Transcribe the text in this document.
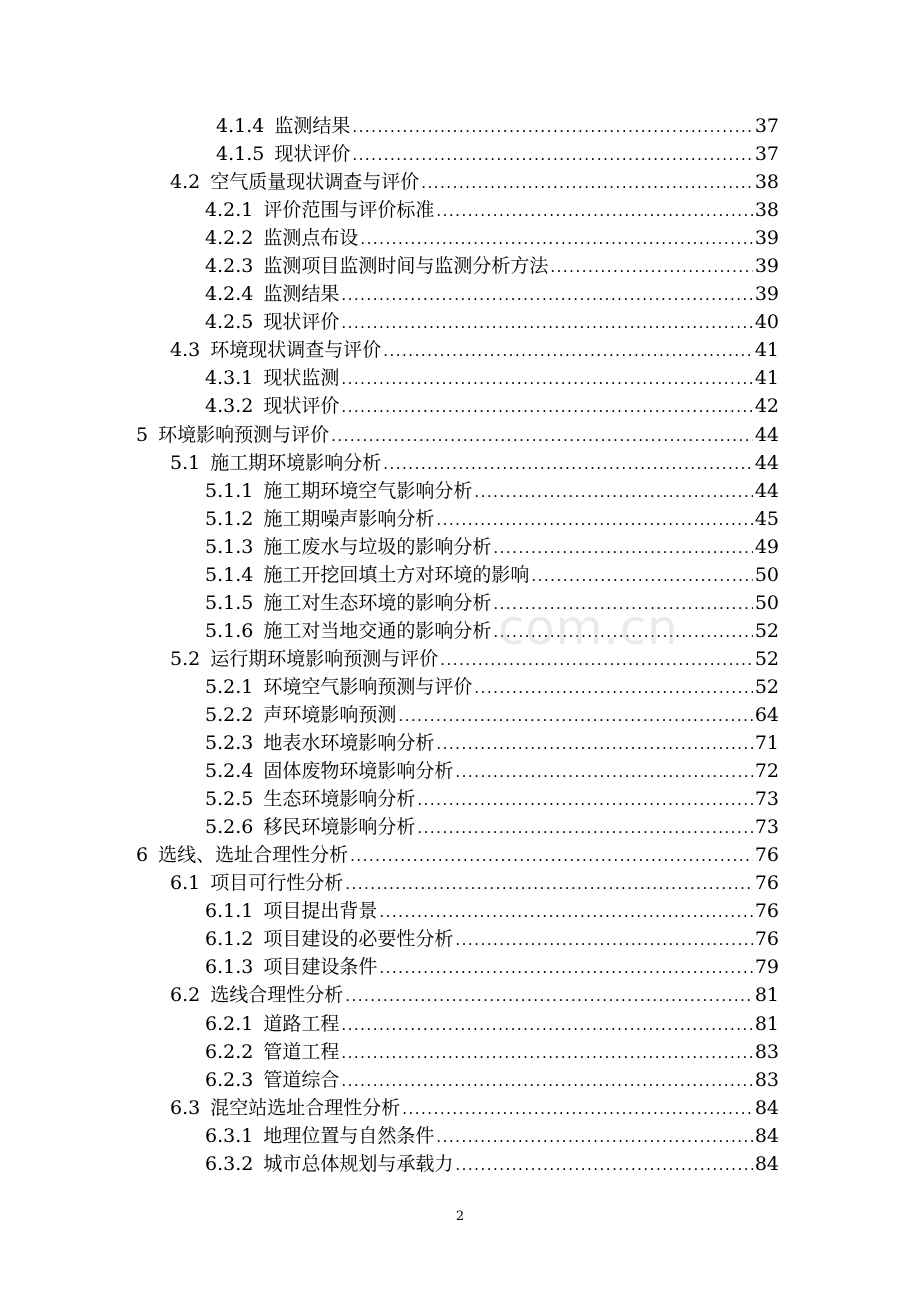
4.1.4 监测结果 .....	37
4.1.5 现状评价 .....	37
4.2 空气质量现状调查与评价 .....	38
4.2.1 评价范围与评价标准 .....	38
4.2.2 监测点布设 .....	39
4.2.3 监测项目监测时间与监测分析方法 .....	39
4.2.4 监测结果 .....	39
4.2.5 现状评价 .....	40
4.3 环境现状调查与评价 .....	41
4.3.1 现状监测 .....	41
4.3.2 现状评价 .....	42
5 环境影响预测与评价 .....	44
5.1 施工期环境影响分析 .....	44
5.1.1 施工期环境空气影响分析 .....	44
5.1.2 施工期噪声影响分析 .....	45
5.1.3 施工废水与垃圾的影响分析 .....	49
5.1.4 施工开挖回填土方对环境的影响 .....	50
5.1.5 施工对生态环境的影响分析 .....	50
5.1.6 施工对当地交通的影响分析 .....	52
5.2 运行期环境影响预测与评价 .....	52
5.2.1 环境空气影响预测与评价 .....	52
5.2.2 声环境影响预测 .....	64
5.2.3 地表水环境影响分析 .....	71
5.2.4 固体废物环境影响分析 .....	72
5.2.5 生态环境影响分析 .....	73
5.2.6 移民环境影响分析 .....	73
6 选线、选址合理性分析 .....	76
6.1 项目可行性分析 .....	76
6.1.1 项目提出背景 .....	76
6.1.2 项目建设的必要性分析 .....	76
6.1.3 项目建设条件 .....	79
6.2 选线合理性分析 .....	81
6.2.1 道路工程 .....	81
6.2.2 管道工程 .....	83
6.2.3 管道综合 .....	83
6.3 混空站选址合理性分析 .....	84
6.3.1 地理位置与自然条件 .....	84
6.3.2 城市总体规划与承载力 .....	84
com.cn
2
